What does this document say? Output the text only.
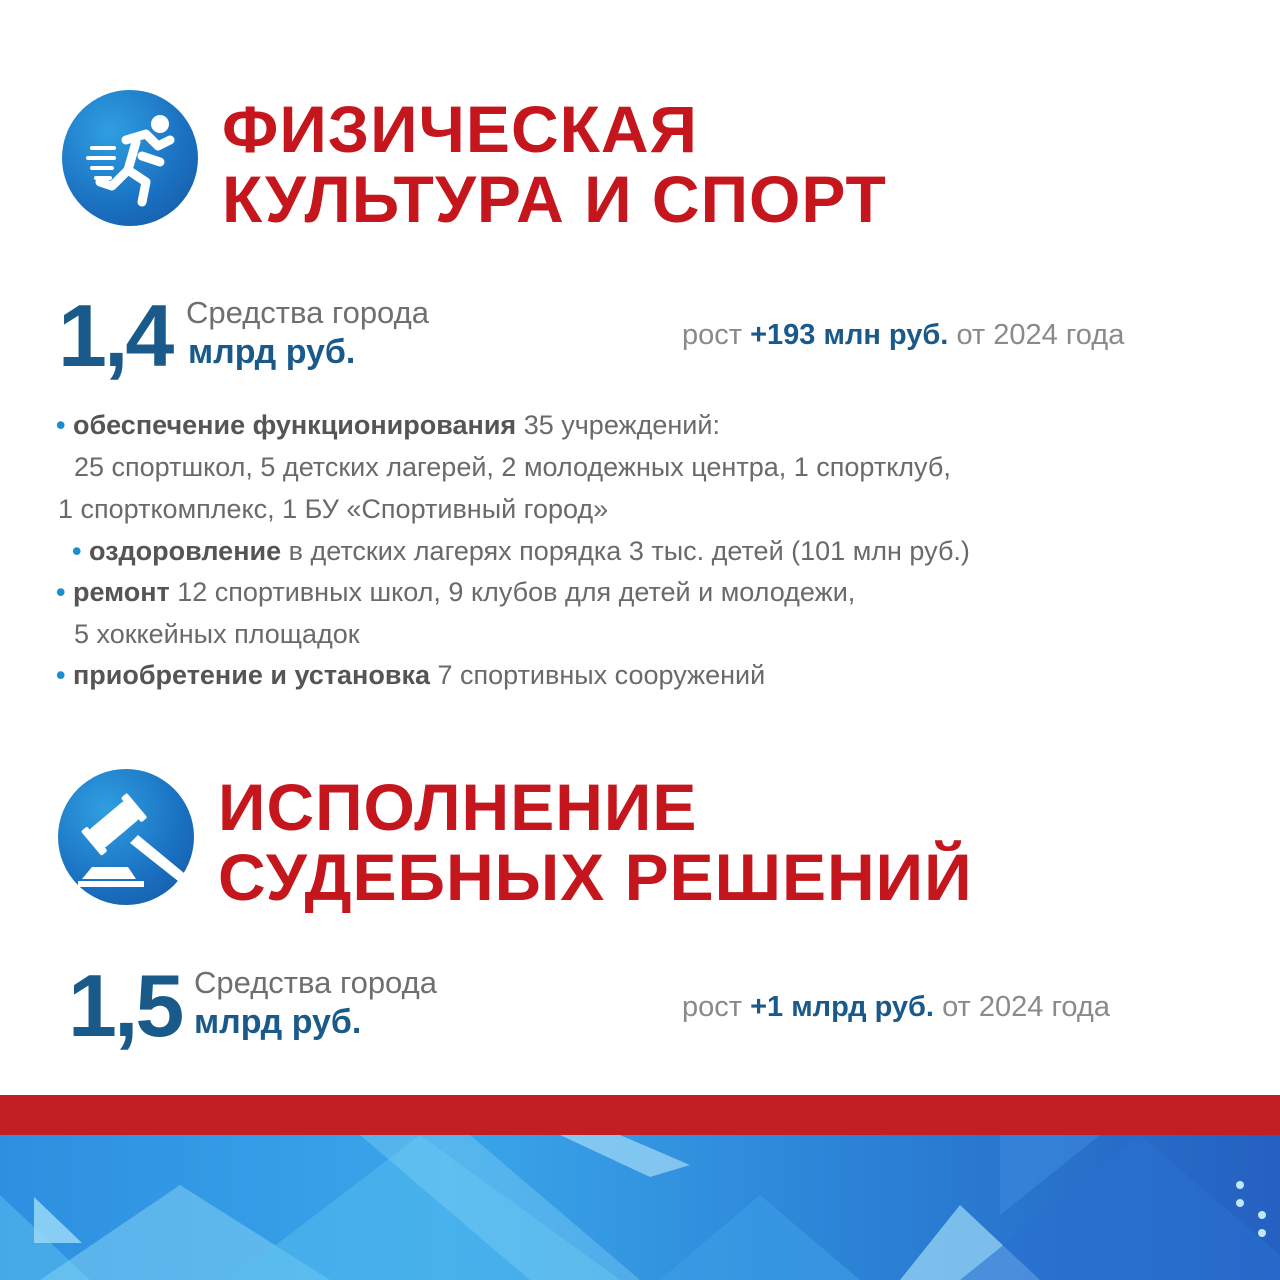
ФИЗИЧЕСКАЯ
КУЛЬТУРА И СПОРТ
1,4 Средства города
млрд руб.	рост +193 млн руб. от 2024 года
• обеспечение функционирования 35 учреждений:
25 спортшкол, 5 детских лагерей, 2 молодежных центра, 1 спортклуб,
1 спорткомплекс, 1 БУ «Спортивный город»
• оздоровление в детских лагерях порядка 3 тыс. детей (101 млн руб.)
• ремонт 12 спортивных школ, 9 клубов для детей и молодежи,
5 хоккейных площадок
• приобретение и установка 7 спортивных сооружений
ИСПОЛНЕНИЕ
СУДЕБНЫХ РЕШЕНИЙ
1,5 Средства города
млрд руб.	рост +1 млрд руб. от 2024 года
